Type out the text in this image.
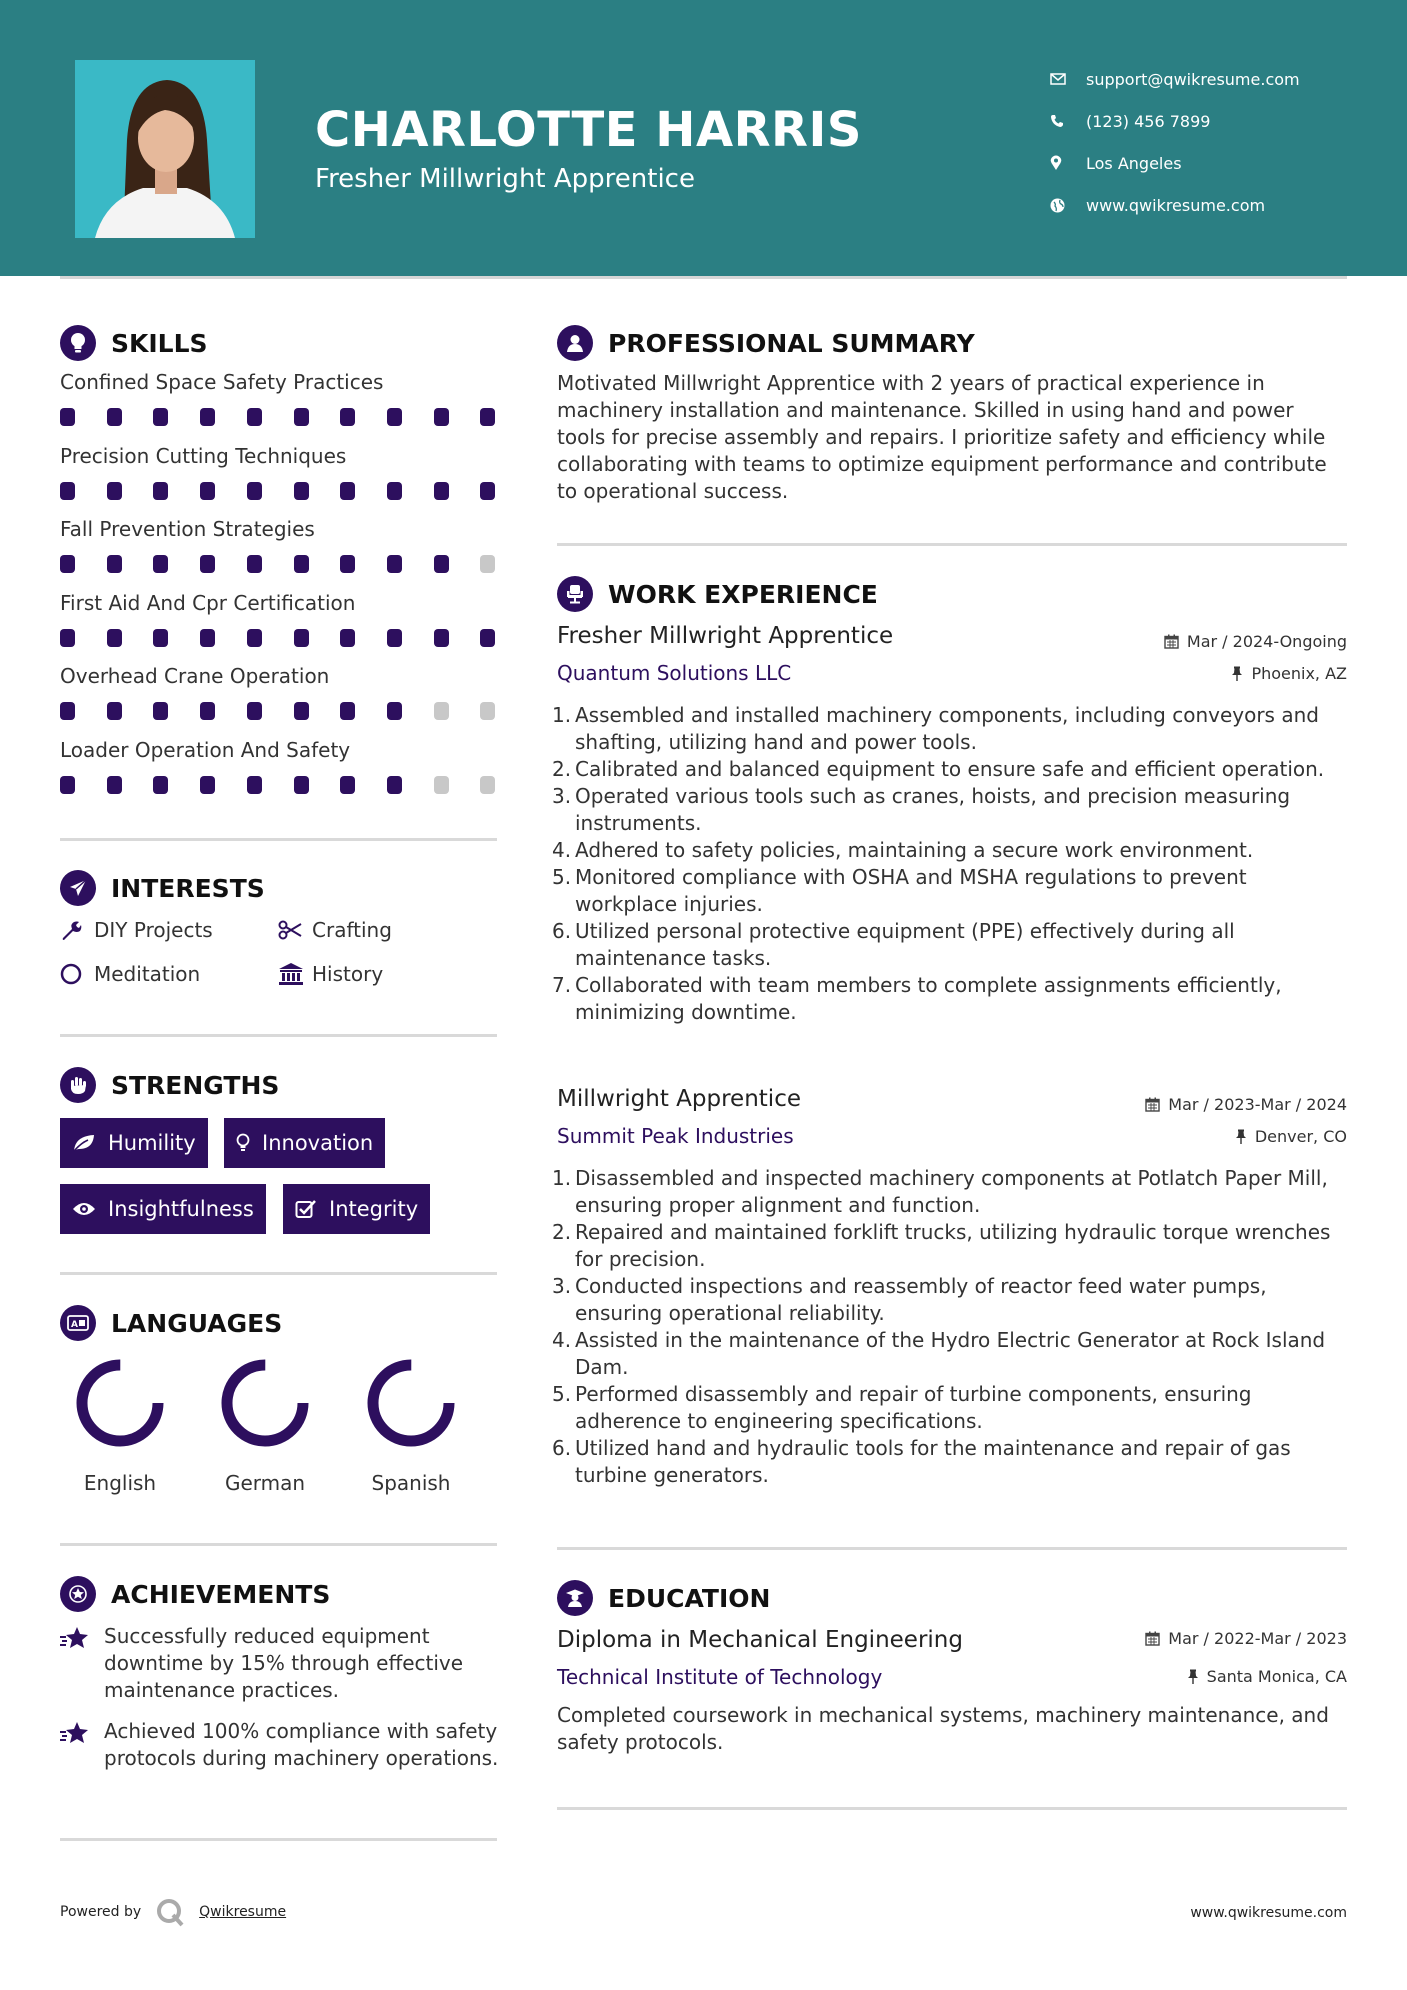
CHARLOTTE HARRIS
Fresher Millwright Apprentice
support@qwikresume.com
(123) 456 7899
Los Angeles
www.qwikresume.com
SKILLS
Confined Space Safety Practices
Precision Cutting Techniques
Fall Prevention Strategies
First Aid And Cpr Certification
Overhead Crane Operation
Loader Operation And Safety
INTERESTS
DIY Projects	Crafting
Meditation	History
STRENGTHS
Humility	Innovation
Insightfulness	Integrity
A LANGUAGES
English	German	Spanish
ACHIEVEMENTS
Successfully reduced equipment downtime by 15% through effective maintenance practices.
Achieved 100% compliance with safety protocols during machinery operations.
PROFESSIONAL SUMMARY
Motivated Millwright Apprentice with 2 years of practical experience in machinery installation and maintenance. Skilled in using hand and power tools for precise assembly and repairs. I prioritize safety and efficiency while collaborating with teams to optimize equipment performance and contribute to operational success.
WORK EXPERIENCE
Fresher Millwright Apprentice	Mar / 2024-Ongoing
Quantum Solutions LLC	Phoenix, AZ
1. Assembled and installed machinery components, including conveyors and shafting, utilizing hand and power tools.
2. Calibrated and balanced equipment to ensure safe and efficient operation.
3. Operated various tools such as cranes, hoists, and precision measuring instruments.
4. Adhered to safety policies, maintaining a secure work environment.
5. Monitored compliance with OSHA and MSHA regulations to prevent workplace injuries.
6. Utilized personal protective equipment (PPE) effectively during all maintenance tasks.
7. Collaborated with team members to complete assignments efficiently, minimizing downtime.
Millwright Apprentice	Mar / 2023-Mar / 2024
Summit Peak Industries	Denver, CO
1. Disassembled and inspected machinery components at Potlatch Paper Mill, ensuring proper alignment and function.
2. Repaired and maintained forklift trucks, utilizing hydraulic torque wrenches for precision.
3. Conducted inspections and reassembly of reactor feed water pumps, ensuring operational reliability.
4. Assisted in the maintenance of the Hydro Electric Generator at Rock Island Dam.
5. Performed disassembly and repair of turbine components, ensuring adherence to engineering specifications.
6. Utilized hand and hydraulic tools for the maintenance and repair of gas turbine generators.
EDUCATION
Diploma in Mechanical Engineering	Mar / 2022-Mar / 2023
Technical Institute of Technology	Santa Monica, CA
Completed coursework in mechanical systems, machinery maintenance, and safety protocols.
Powered by	Qwikresume	www.qwikresume.com
